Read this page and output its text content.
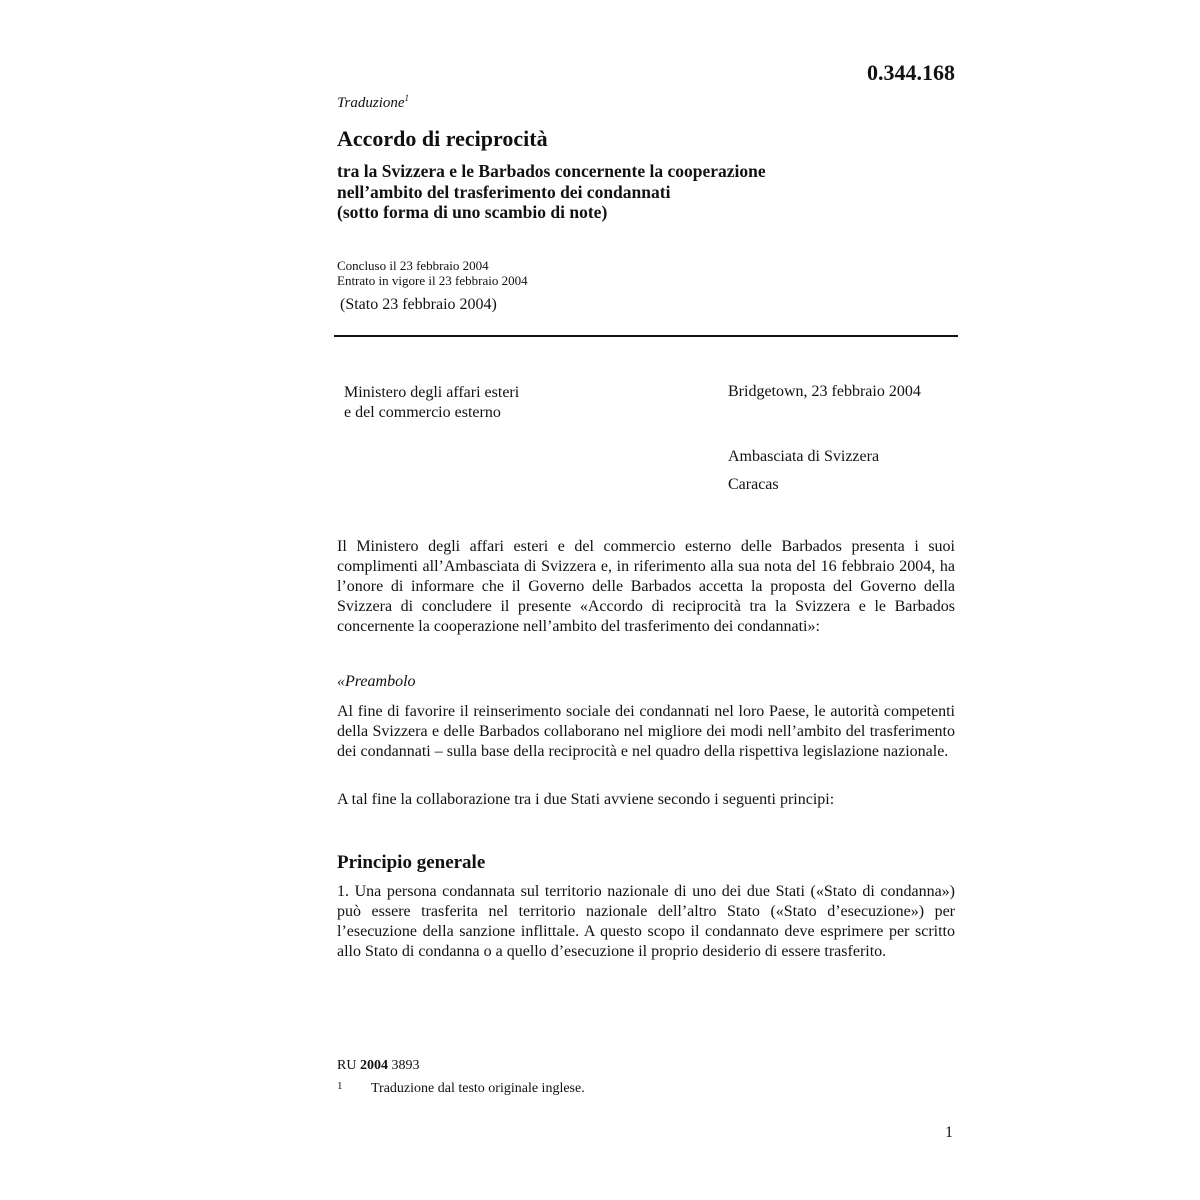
0.344.168
Traduzione$^1$
Accordo di reciprocità
tra la Svizzera e le Barbados concernente la cooperazione
nell’ambito del trasferimento dei condannati
(sotto forma di uno scambio di note)
Concluso il 23 febbraio 2004
Entrato in vigore il 23 febbraio 2004
(Stato 23 febbraio 2004)
Ministero degli affari esteri
e del commercio esterno
Bridgetown, 23 febbraio 2004
Ambasciata di Svizzera
Caracas
Il Ministero degli affari esteri e del commercio esterno delle Barbados presenta i suoi complimenti all’Ambasciata di Svizzera e, in riferimento alla sua nota del 16 febbraio 2004, ha l’onore di informare che il Governo delle Barbados accetta la proposta del Governo della Svizzera di concludere il presente «Accordo di reciprocità tra la Svizzera e le Barbados concernente la cooperazione nell’ambito del trasferimento dei condannati»:
«Preambolo
Al fine di favorire il reinserimento sociale dei condannati nel loro Paese, le autorità competenti della Svizzera e delle Barbados collaborano nel migliore dei modi nell’ambito del trasferimento dei condannati – sulla base della reciprocità e nel quadro della rispettiva legislazione nazionale.
A tal fine la collaborazione tra i due Stati avviene secondo i seguenti principi:
Principio generale
1. Una persona condannata sul territorio nazionale di uno dei due Stati («Stato di condanna») può essere trasferita nel territorio nazionale dell’altro Stato («Stato d’esecuzione») per l’esecuzione della sanzione inflittale. A questo scopo il condannato deve esprimere per scritto allo Stato di condanna o a quello d’esecuzione il proprio desiderio di essere trasferito.
RU 2004 3893
1 Traduzione dal testo originale inglese.
1
